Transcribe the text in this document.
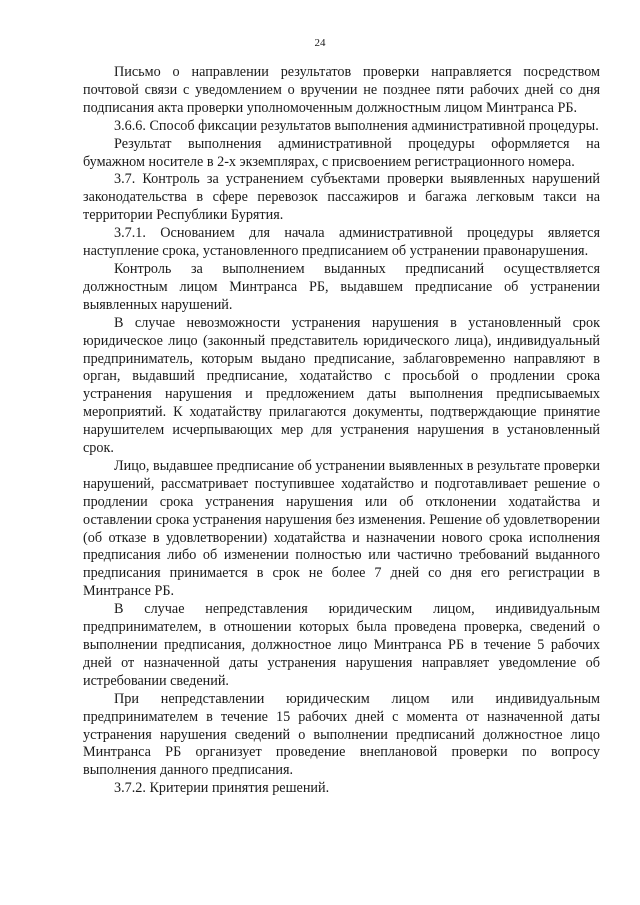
24

Письмо о направлении результатов проверки направляется посредством почтовой связи с уведомлением о вручении не позднее пяти рабочих дней со дня подписания акта проверки уполномоченным должностным лицом Минтранса РБ.

3.6.6. Способ фиксации результатов выполнения административной процедуры.

Результат выполнения административной процедуры оформляется на бумажном носителе в 2-х экземплярах, с присвоением регистрационного номера.

3.7. Контроль за устранением субъектами проверки выявленных нарушений законодательства в сфере перевозок пассажиров и багажа легковым такси на территории Республики Бурятия.

3.7.1. Основанием для начала административной процедуры является наступление срока, установленного предписанием об устранении правонарушения.

Контроль за выполнением выданных предписаний осуществляется должностным лицом Минтранса РБ, выдавшем предписание об устранении выявленных нарушений.

В случае невозможности устранения нарушения в установленный срок юридическое лицо (законный представитель юридического лица), индивидуальный предприниматель, которым выдано предписание, заблаговременно направляют в орган, выдавший предписание, ходатайство с просьбой о продлении срока устранения нарушения и предложением даты выполнения предписываемых мероприятий. К ходатайству прилагаются документы, подтверждающие принятие нарушителем исчерпывающих мер для устранения нарушения в установленный срок.

Лицо, выдавшее предписание об устранении выявленных в результате проверки нарушений, рассматривает поступившее ходатайство и подготавливает решение о продлении срока устранения нарушения или об отклонении ходатайства и оставлении срока устранения нарушения без изменения. Решение об удовлетворении (об отказе в удовлетворении) ходатайства и назначении нового срока исполнения предписания либо об изменении полностью или частично требований выданного предписания принимается в срок не более 7 дней со дня его регистрации в Минтрансе РБ.

В случае непредставления юридическим лицом, индивидуальным предпринимателем, в отношении которых была проведена проверка, сведений о выполнении предписания, должностное лицо Минтранса РБ в течение 5 рабочих дней от назначенной даты устранения нарушения направляет уведомление об истребовании сведений.

При непредставлении юридическим лицом или индивидуальным предпринимателем в течение 15 рабочих дней с момента от назначенной даты устранения нарушения сведений о выполнении предписаний должностное лицо Минтранса РБ организует проведение внеплановой проверки по вопросу выполнения данного предписания.

3.7.2. Критерии принятия решений.
